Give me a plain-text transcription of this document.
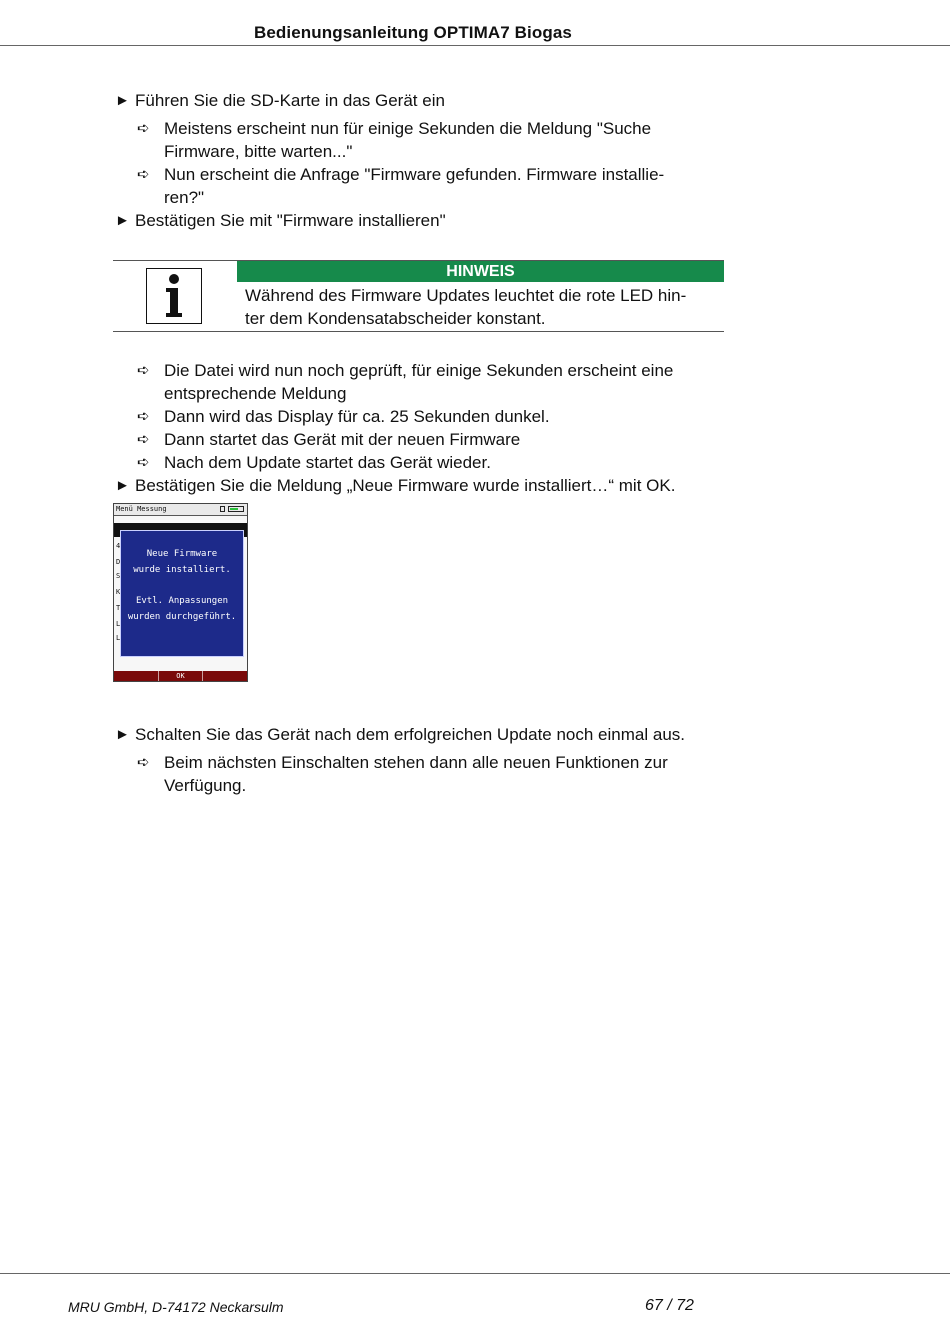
Bedienungsanleitung OPTIMA7 Biogas
► Führen Sie die SD-Karte in das Gerät ein
➪ Meistens erscheint nun für einige Sekunden die Meldung "Suche
Firmware, bitte warten..."
➪ Nun erscheint die Anfrage "Firmware gefunden. Firmware installie-
ren?"
► Bestätigen Sie mit "Firmware installieren"
HINWEIS
Während des Firmware Updates leuchtet die rote LED hin-
ter dem Kondensatabscheider konstant.
➪ Die Datei wird nun noch geprüft, für einige Sekunden erscheint eine
entsprechende Meldung
➪ Dann wird das Display für ca. 25 Sekunden dunkel.
➪ Dann startet das Gerät mit der neuen Firmware
➪ Nach dem Update startet das Gerät wieder.
► Bestätigen Sie die Meldung „Neue Firmware wurde installiert…“ mit OK.
Menü Messung
4
D
S
K
T
L
L
Neue Firmware
wurde installiert.
Evtl. Anpassungen
wurden durchgeführt.
OK
► Schalten Sie das Gerät nach dem erfolgreichen Update noch einmal aus.
➪ Beim nächsten Einschalten stehen dann alle neuen Funktionen zur
Verfügung.
MRU GmbH, D-74172 Neckarsulm	67 / 72
